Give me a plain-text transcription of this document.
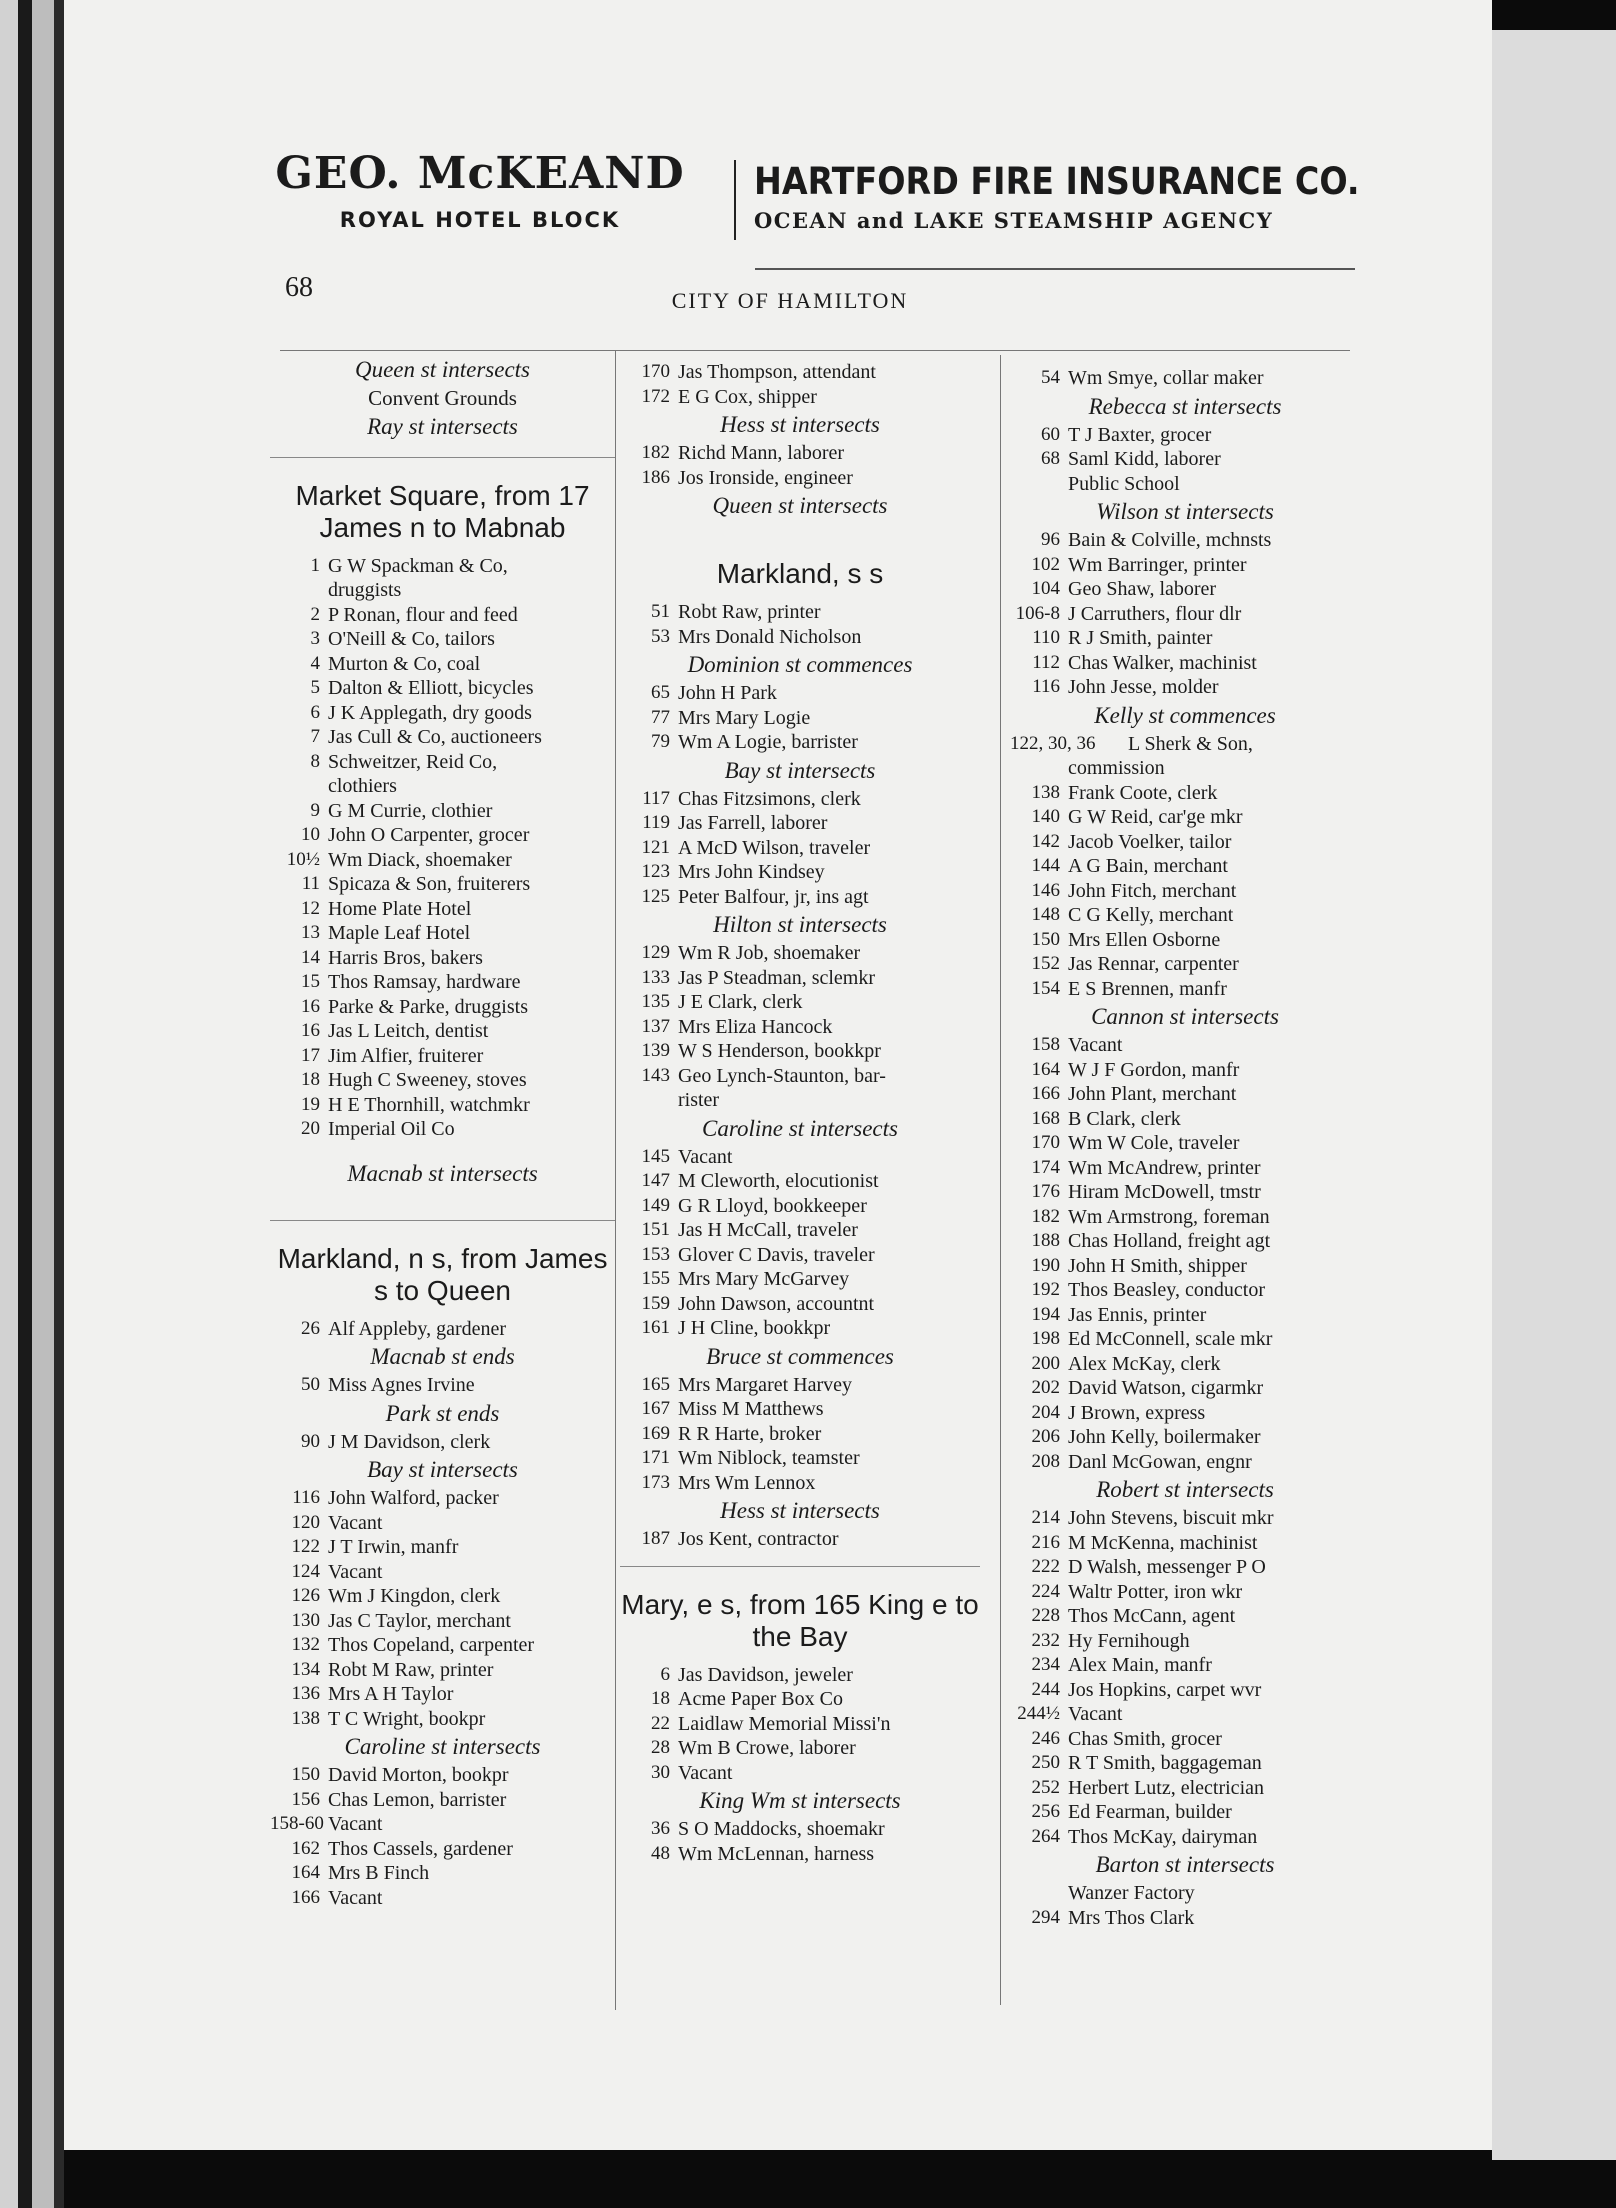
GEO. McKEAND
ROYAL HOTEL BLOCK
HARTFORD FIRE INSURANCE CO.
OCEAN and LAKE STEAMSHIP AGENCY
68	CITY OF HAMILTON
Queen st intersects
Convent Grounds
Ray st intersects
Market Square, from 17 James n to Mabnab
1 G W Spackman & Co,
druggists
2 P Ronan, flour and feed
3 O'Neill & Co, tailors
4 Murton & Co, coal
5 Dalton & Elliott, bicycles
6 J K Applegath, dry goods
7 Jas Cull & Co, auctioneers
8 Schweitzer, Reid Co,
clothiers
9 G M Currie, clothier
10 John O Carpenter, grocer
10½ Wm Diack, shoemaker
11 Spicaza & Son, fruiterers
12 Home Plate Hotel
13 Maple Leaf Hotel
14 Harris Bros, bakers
15 Thos Ramsay, hardware
16 Parke & Parke, druggists
16 Jas L Leitch, dentist
17 Jim Alfier, fruiterer
18 Hugh C Sweeney, stoves
19 H E Thornhill, watchmkr
20 Imperial Oil Co
Macnab st intersects
Markland, n s, from James s to Queen
26 Alf Appleby, gardener
Macnab st ends
50 Miss Agnes Irvine
Park st ends
90 J M Davidson, clerk
Bay st intersects
116 John Walford, packer
120 Vacant
122 J T Irwin, manfr
124 Vacant
126 Wm J Kingdon, clerk
130 Jas C Taylor, merchant
132 Thos Copeland, carpenter
134 Robt M Raw, printer
136 Mrs A H Taylor
138 T C Wright, bookpr
Caroline st intersects
150 David Morton, bookpr
156 Chas Lemon, barrister
158-60 Vacant
162 Thos Cassels, gardener
164 Mrs B Finch
166 Vacant
170 Jas Thompson, attendant
172 E G Cox, shipper
Hess st intersects
182 Richd Mann, laborer
186 Jos Ironside, engineer
Queen st intersects
Markland, s s
51 Robt Raw, printer
53 Mrs Donald Nicholson
Dominion st commences
65 John H Park
77 Mrs Mary Logie
79 Wm A Logie, barrister
Bay st intersects
117 Chas Fitzsimons, clerk
119 Jas Farrell, laborer
121 A McD Wilson, traveler
123 Mrs John Kindsey
125 Peter Balfour, jr, ins agt
Hilton st intersects
129 Wm R Job, shoemaker
133 Jas P Steadman, sclemkr
135 J E Clark, clerk
137 Mrs Eliza Hancock
139 W S Henderson, bookkpr
143 Geo Lynch-Staunton, bar-
rister
Caroline st intersects
145 Vacant
147 M Cleworth, elocutionist
149 G R Lloyd, bookkeeper
151 Jas H McCall, traveler
153 Glover C Davis, traveler
155 Mrs Mary McGarvey
159 John Dawson, accountnt
161 J H Cline, bookkpr
Bruce st commences
165 Mrs Margaret Harvey
167 Miss M Matthews
169 R R Harte, broker
171 Wm Niblock, teamster
173 Mrs Wm Lennox
Hess st intersects
187 Jos Kent, contractor
Mary, e s, from 165 King e to the Bay
6 Jas Davidson, jeweler
18 Acme Paper Box Co
22 Laidlaw Memorial Missi'n
28 Wm B Crowe, laborer
30 Vacant
King Wm st intersects
36 S O Maddocks, shoemakr
48 Wm McLennan, harness
54 Wm Smye, collar maker
Rebecca st intersects
60 T J Baxter, grocer
68 Saml Kidd, laborer
Public School
Wilson st intersects
96 Bain & Colville, mchnsts
102 Wm Barringer, printer
104 Geo Shaw, laborer
106-8 J Carruthers, flour dlr
110 R J Smith, painter
112 Chas Walker, machinist
116 John Jesse, molder
Kelly st commences
122, 30, 36	L Sherk & Son,
commission
138 Frank Coote, clerk
140 G W Reid, car'ge mkr
142 Jacob Voelker, tailor
144 A G Bain, merchant
146 John Fitch, merchant
148 C G Kelly, merchant
150 Mrs Ellen Osborne
152 Jas Rennar, carpenter
154 E S Brennen, manfr
Cannon st intersects
158 Vacant
164 W J F Gordon, manfr
166 John Plant, merchant
168 B Clark, clerk
170 Wm W Cole, traveler
174 Wm McAndrew, printer
176 Hiram McDowell, tmstr
182 Wm Armstrong, foreman
188 Chas Holland, freight agt
190 John H Smith, shipper
192 Thos Beasley, conductor
194 Jas Ennis, printer
198 Ed McConnell, scale mkr
200 Alex McKay, clerk
202 David Watson, cigarmkr
204 J Brown, express
206 John Kelly, boilermaker
208 Danl McGowan, engnr
Robert st intersects
214 John Stevens, biscuit mkr
216 M McKenna, machinist
222 D Walsh, messenger P O
224 Waltr Potter, iron wkr
228 Thos McCann, agent
232 Hy Fernihough
234 Alex Main, manfr
244 Jos Hopkins, carpet wvr
244½ Vacant
246 Chas Smith, grocer
250 R T Smith, baggageman
252 Herbert Lutz, electrician
256 Ed Fearman, builder
264 Thos McKay, dairyman
Barton st intersects
Wanzer Factory
294 Mrs Thos Clark
